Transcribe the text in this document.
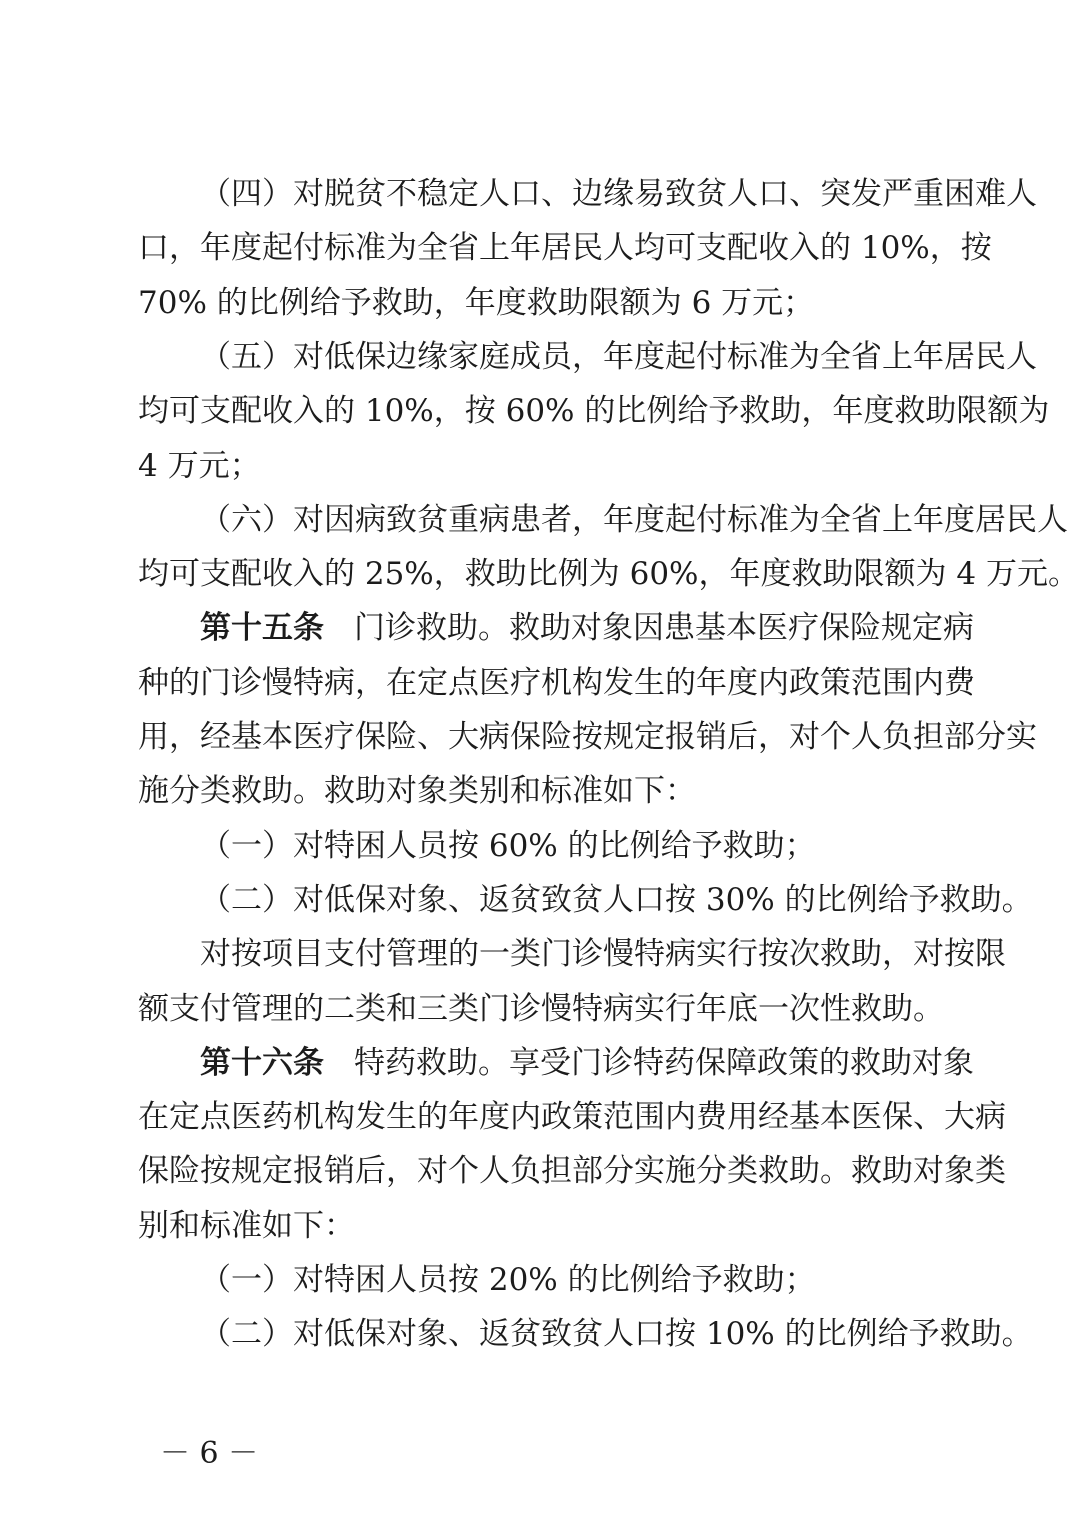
（四）对脱贫不稳定人口、边缘易致贫人口、突发严重困难人
口，年度起付标准为全省上年居民人均可支配收入的 10%，按
70% 的比例给予救助，年度救助限额为 6 万元；
（五）对低保边缘家庭成员，年度起付标准为全省上年居民人
均可支配收入的 10%，按 60% 的比例给予救助，年度救助限额为
4 万元；
（六）对因病致贫重病患者，年度起付标准为全省上年度居民人
均可支配收入的 25%，救助比例为 60%，年度救助限额为 4 万元。
第十五条 门诊救助。救助对象因患基本医疗保险规定病
种的门诊慢特病，在定点医疗机构发生的年度内政策范围内费
用，经基本医疗保险、大病保险按规定报销后，对个人负担部分实
施分类救助。救助对象类别和标准如下：
（一）对特困人员按 60% 的比例给予救助；
（二）对低保对象、返贫致贫人口按 30% 的比例给予救助。
对按项目支付管理的一类门诊慢特病实行按次救助，对按限
额支付管理的二类和三类门诊慢特病实行年底一次性救助。
第十六条 特药救助。享受门诊特药保障政策的救助对象
在定点医药机构发生的年度内政策范围内费用经基本医保、大病
保险按规定报销后，对个人负担部分实施分类救助。救助对象类
别和标准如下：
（一）对特困人员按 20% 的比例给予救助；
（二）对低保对象、返贫致贫人口按 10% 的比例给予救助。
－ 6 －
